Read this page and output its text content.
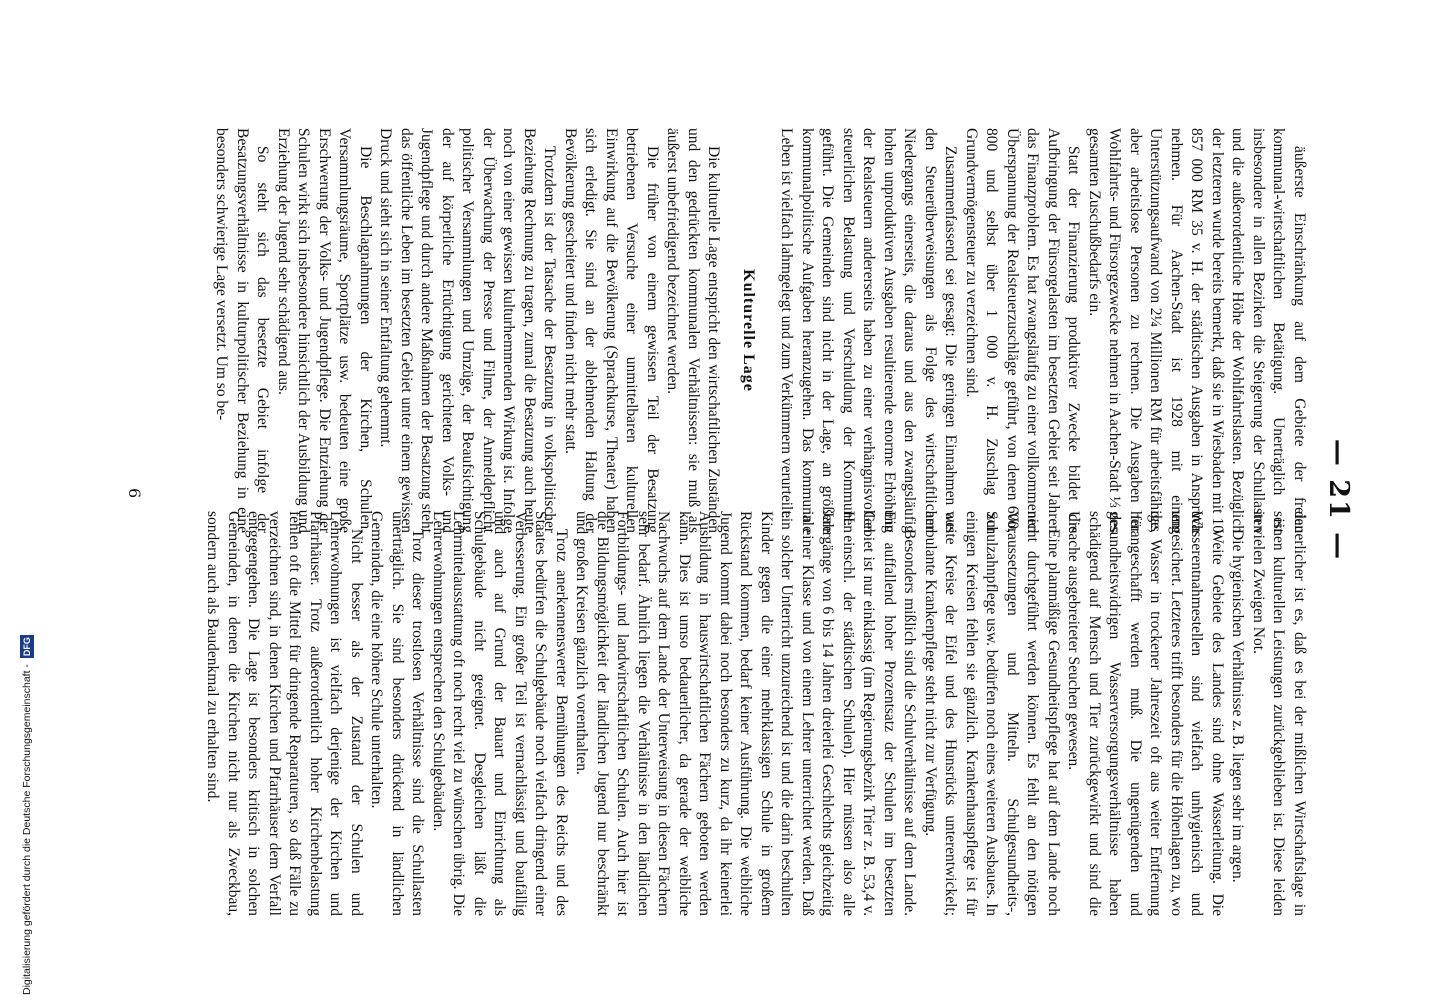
— 21 —

äußerste Einschränkung auf dem Gebiete der freien kommunal-wirtschaftlichen Betätigung. Unerträglich ist insbesondere in allen Bezirken die Steigerung der Schullasten und die außerordentliche Höhe der Wohlfahrtslasten. Bezüglich der letzteren wurde bereits bemerkt, daß sie in Wiesbaden mit 10 857 000 RM 35 v. H. der städtischen Ausgaben in Anspruch nehmen. Für Aachen-Stadt ist 1928 mit einem Unterstützungsaufwand von 2¼ Millionen RM für arbeitsfähige, aber arbeitslose Personen zu rechnen. Die Ausgaben für Wohlfahrts- und Fürsorgezwecke nehmen in Aachen-Stadt ⅓ des gesamten Zuschußbedarfs ein.

Statt der Finanzierung produktiver Zwecke bildet die Aufbringung der Fürsorgelasten im besetzten Gebiet seit Jahren das Finanzproblem. Es hat zwangsläufig zu einer vollkommenen Überspannung der Realsteuerzuschläge geführt, von denen 600, 800 und selbst über 1 000 v. H. Zuschlag zur Grundvermögensteuer zu verzeichnen sind.

Zusammenfassend sei gesagt: Die geringen Einnahmen aus den Steuerüberweisungen als Folge des wirtschaftlichen Niedergangs einerseits, die daraus und aus den zwangsläufig hohen unproduktiven Ausgaben resultierende enorme Erhöhung der Realsteuern andererseits haben zu einer verhängnisvollen steuerlichen Belastung und Verschuldung der Kommunen geführt. Die Gemeinden sind nicht in der Lage, an größere kommunalpolitische Aufgaben heranzugehen. Das kommunale Leben ist vielfach lahmgelegt und zum Verkümmern verurteilt.

Kulturelle Lage

Die kulturelle Lage entspricht den wirtschaftlichen Zuständen und den gedrückten kommunalen Verhältnissen: sie muß als äußerst unbefriedigend bezeichnet werden.

Die früher von einem gewissen Teil der Besatzung betriebenen Versuche einer unmittelbaren kulturellen Einwirkung auf die Bevölkerung (Sprachkurse, Theater) haben sich erledigt. Sie sind an der ablehnenden Haltung der Bevölkerung gescheitert und finden nicht mehr statt.

Trotzdem ist der Tatsache der Besatzung in volkspolitischer Beziehung Rechnung zu tragen, zumal die Besatzung auch heute noch von einer gewissen kulturhemmenden Wirkung ist. Infolge der Überwachung der Presse und Filme, der Anmeldepflicht politischer Versammlungen und Umzüge, der Beaufsichtigung der auf körperliche Ertüchtigung gerichteten Volks- und Jugendpflege und durch andere Maßnahmen der Besatzung steht das öffentliche Leben im besetzten Gebiet unter einem gewissen Druck und sieht sich in seiner Entfaltung gehemmt.

Die Beschlagnahmungen der Kirchen, Schulen, Versammlungsräume, Sportplätze usw. bedeuten eine große Erschwerung der Volks- und Jugendpflege. Die Entziehung der Schulen wirkt sich insbesondere hinsichtlich der Ausbildung und Erziehung der Jugend sehr schädigend aus.

So steht sich das besetzte Gebiet infolge der Besatzungsverhältnisse in kulturpolitischer Beziehung in eine besonders schwierige Lage versetzt. Um so be-

dauerlicher ist es, daß es bei der mißlichen Wirtschaftslage in seinen kulturellen Leistungen zurückgeblieben ist. Diese leiden in vielen Zweigen Not.

Die hygienischen Verhältnisse z. B. liegen sehr im argen.

Weite Gebiete des Landes sind ohne Wasserleitung. Die Wasserentnahmestellen sind vielfach unhygienisch und ungesichert. Letzteres trifft besonders für die Höhenlagen zu, wo das Wasser in trockener Jahreszeit oft aus weiter Entfernung herangeschafft werden muß. Die ungenügenden und gesundheitswidrigen Wasserversorgungsverhältnisse haben schädigend auf Mensch und Tier zurückgewirkt und sind die Ursache ausgebreiteter Seuchen gewesen.

Eine planmäßige Gesundheitspflege hat auf dem Lande noch nicht durchgeführt werden können. Es fehlt an den nötigen Voraussetzungen und Mitteln. Schulgesundheits-, Schulzahnpflege usw. bedürfen noch eines weiteren Ausbaues. In einigen Kreisen fehlen sie gänzlich. Krankenhauspflege ist für weite Kreise der Eifel und des Hunsrücks unterentwickelt; ambulante Krankenpflege steht nicht zur Verfügung.

Besonders mißlich sind die Schulverhältnisse auf dem Lande. Ein auffallend hoher Prozentsatz der Schulen im besetzten Gebiet ist nur einklassig (im Regierungsbezirk Trier z. B. 53,4 v. H. einschl. der städtischen Schulen). Hier müssen also alle Jahrgänge von 6 bis 14 Jahren dreierlei Geschlechts gleichzeitig in einer Klasse und von einem Lehrer unterrichtet werden. Daß ein solcher Unterricht unzureichend ist und die darin beschulten Kinder gegen die einer mehrklassigen Schule in großem Rückstand kommen, bedarf keiner Ausführung. Die weibliche Jugend kommt dabei noch besonders zu kurz, da ihr keinerlei Ausbildung in hauswirtschaftlichen Fächern geboten werden kann. Dies ist umso bedauerlicher, da gerade der weibliche Nachwuchs auf dem Lande der Unterweisung in diesen Fächern sehr bedarf. Ähnlich liegen die Verhältnisse in den ländlichen Fortbildungs- und landwirtschaftlichen Schulen. Auch hier ist die Bildungsmöglichkeit der ländlichen Jugend nur beschränkt und großen Kreisen gänzlich vorenthalten.

Trotz anerkennenswerter Bemühungen des Reichs und des Staates bedürfen die Schulgebäude noch vielfach dringend einer Verbesserung. Ein großer Teil ist vernachlässigt und baufällig und auch auf Grund der Bauart und Einrichtung als Schulgebäude nicht geeignet. Desgleichen läßt die Lehrmittelausstattung oft noch recht viel zu wünschen übrig. Die Lehrerwohnungen entsprechen den Schulgebäuden.

Trotz dieser trostlosen Verhältnisse sind die Schullasten unerträglich. Sie sind besonders drückend in ländlichen Gemeinden, die eine höhere Schule unterhalten.

Nicht besser als der Zustand der Schulen und Lehrerwohnungen ist vielfach derjenige der Kirchen und Pfarrhäuser. Trotz außerordentlich hoher Kirchenbelastung fehlen oft die Mittel für dringende Reparaturen, so daß Fälle zu verzeichnen sind, in denen Kirchen und Pfarrhäuser dem Verfall entgegengehen. Die Lage ist besonders kritisch in solchen Gemeinden, in denen die Kirchen nicht nur als Zweckbau, sondern auch als Baudenkmal zu erhalten sind.

6
Digitalisierung gefördert durch die Deutsche Forschungsgemeinschaft -DFG
